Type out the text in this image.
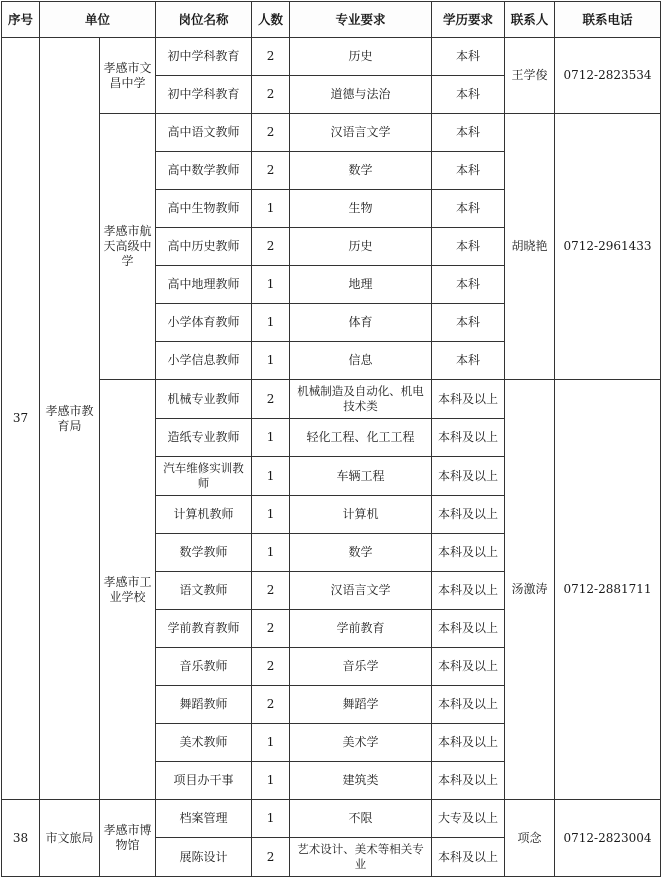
序号	单位		岗位名称	人数	专业要求	学历要求	联系人	联系电话
37	孝感市教育局	孝感市文昌中学	初中学科教育	2	历史	本科	王学俊	0712-2823534
			初中学科教育	2	道德与法治	本科		
		孝感市航天高级中学	高中语文教师	2	汉语言文学	本科	胡晓艳	0712-2961433
			高中数学教师	2	数学	本科		
			高中生物教师	1	生物	本科		
			高中历史教师	2	历史	本科		
			高中地理教师	1	地理	本科		
			小学体育教师	1	体育	本科		
			小学信息教师	1	信息	本科		
		孝感市工业学校	机械专业教师	2	机械制造及自动化、机电技术类	本科及以上	汤激涛	0712-2881711
			造纸专业教师	1	轻化工程、化工工程	本科及以上		
			汽车维修实训教师	1	车辆工程	本科及以上		
			计算机教师	1	计算机	本科及以上		
			数学教师	1	数学	本科及以上		
			语文教师	2	汉语言文学	本科及以上		
			学前教育教师	2	学前教育	本科及以上		
			音乐教师	2	音乐学	本科及以上		
			舞蹈教师	2	舞蹈学	本科及以上		
			美术教师	1	美术学	本科及以上		
			项目办干事	1	建筑类	本科及以上		
38	市文旅局	孝感市博物馆	档案管理	1	不限	大专及以上	项念	0712-2823004
			展陈设计	2	艺术设计、美术等相关专业	本科及以上		
